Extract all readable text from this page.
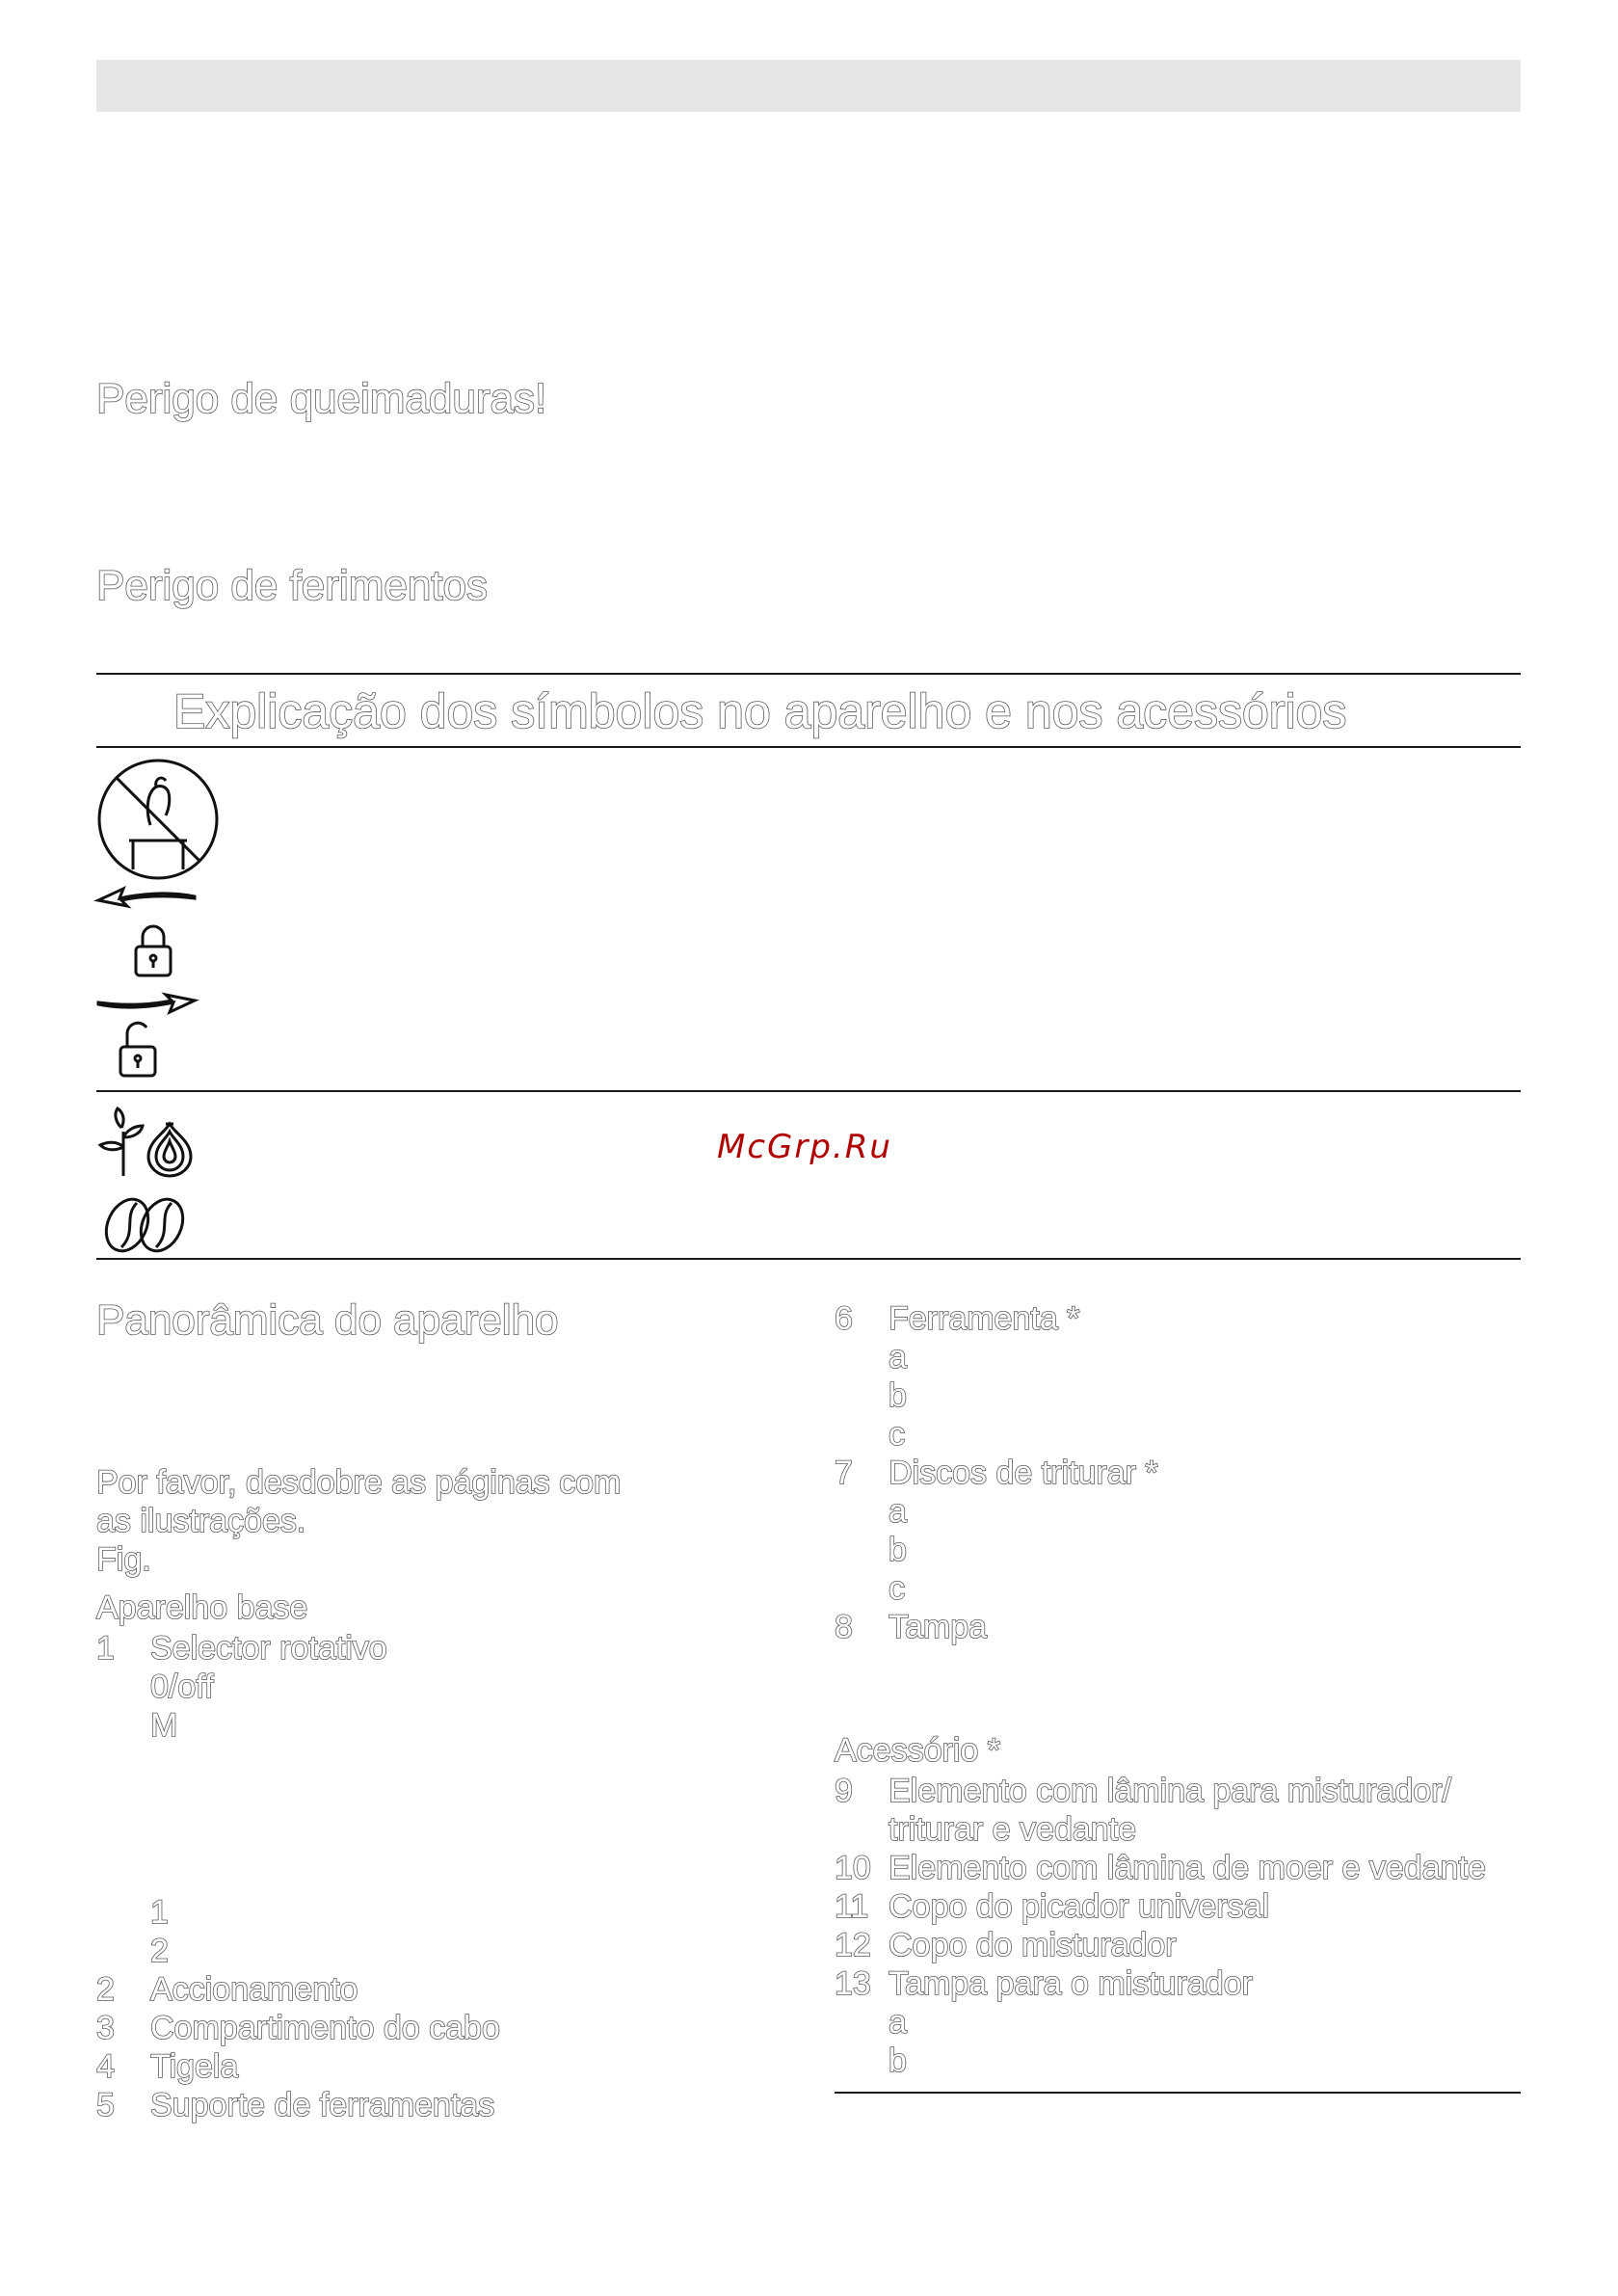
Perigo de queimaduras!
Perigo de ferimentos
Explicação dos símbolos no aparelho e nos acessórios
McGrp.Ru
Panorâmica do aparelho
Por favor, desdobre as páginas com
as ilustrações.
Fig.
Aparelho base
1 Selector rotativo
0/off
M
1
2
2 Accionamento
3 Compartimento do cabo
4 Tigela
5 Suporte de ferramentas
6 Ferramenta *
a
b
c
7 Discos de triturar *
a
b
c
8 Tampa
Acessório *
9 Elemento com lâmina para misturador/
triturar e vedante
10 Elemento com lâmina de moer e vedante
11 Copo do picador universal
12 Copo do misturador
13 Tampa para o misturador
a
b
